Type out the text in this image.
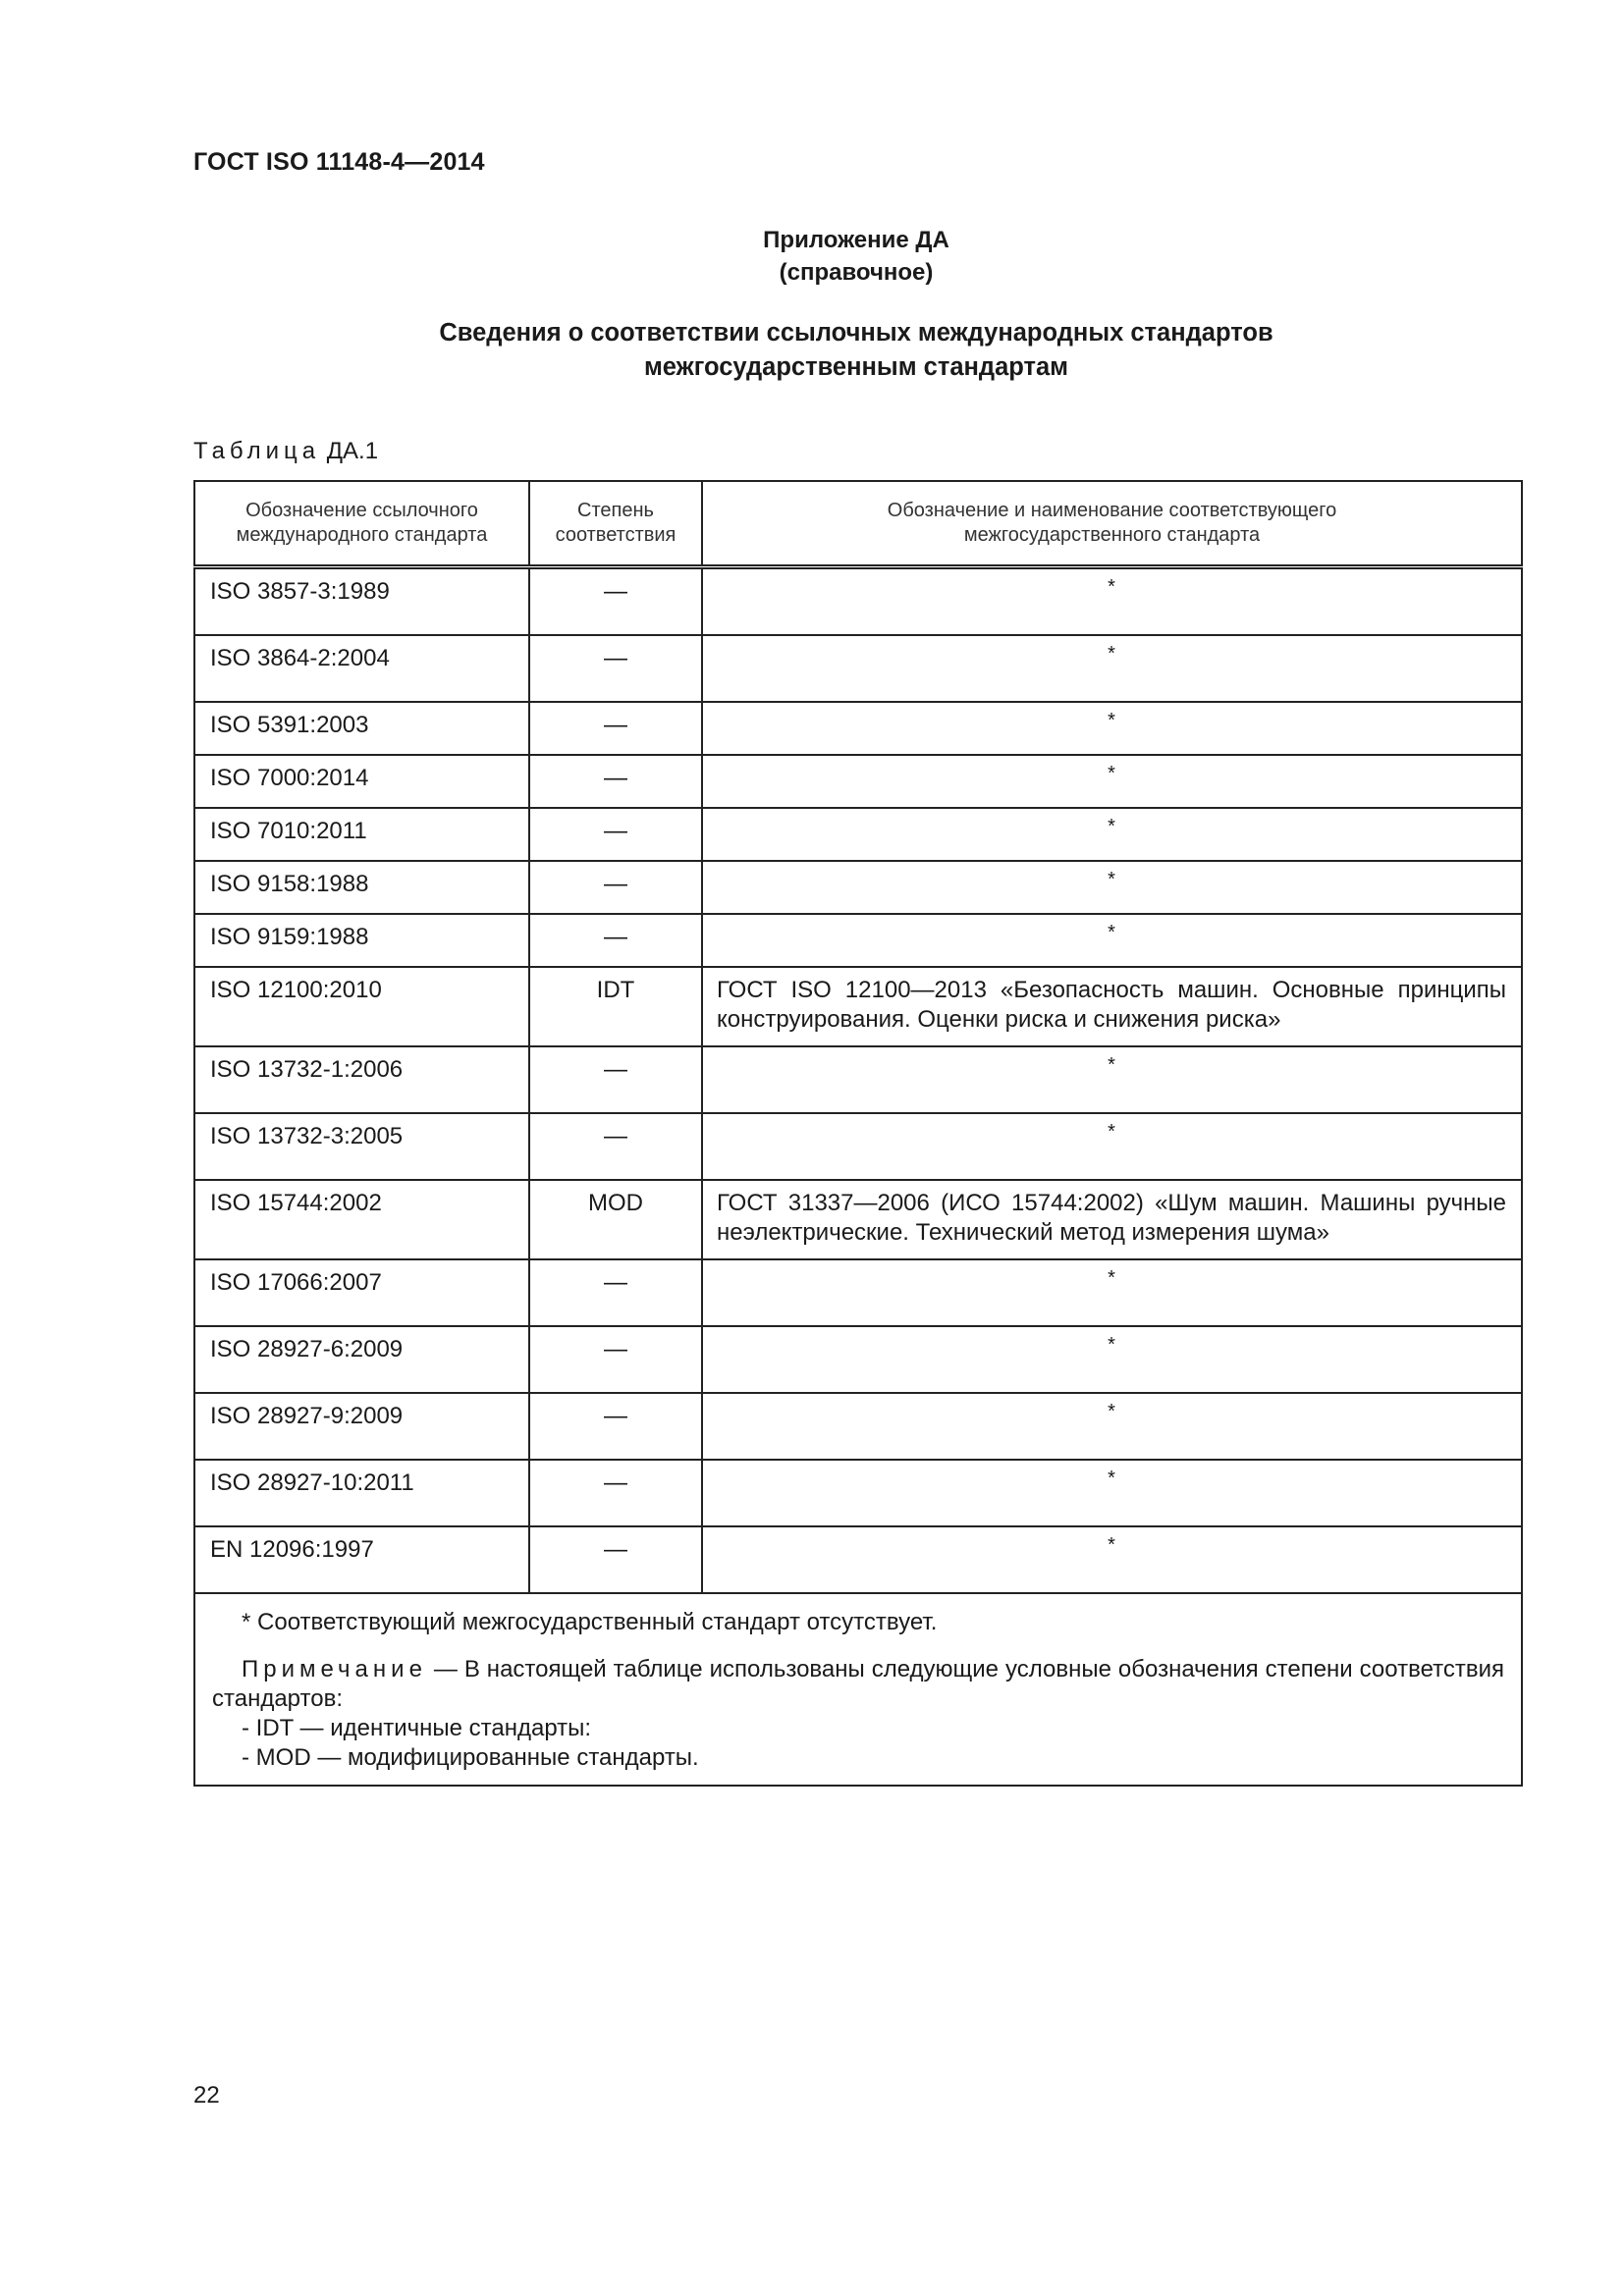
ГОСТ ISO 11148-4—2014
Приложение ДА
(справочное)
Сведения о соответствии ссылочных международных стандартов
межгосударственным стандартам
Таблица ДА.1
Обозначение ссылочного международного стандарта	Степень соответствия	Обозначение и наименование соответствующего межгосударственного стандарта

ISO 3857-3:1989	—	*
ISO 3864-2:2004	—	*
ISO 5391:2003	—	*
ISO 7000:2014	—	*
ISO 7010:2011	—	*
ISO 9158:1988	—	*
ISO 9159:1988	—	*
ISO 12100:2010	IDT	ГОСТ ISO 12100—2013 «Безопасность машин. Основные принципы конструирования. Оценки риска и снижения риска»
ISO 13732-1:2006	—	*
ISO 13732-3:2005	—	*
ISO 15744:2002	MOD	ГОСТ 31337—2006 (ИСО 15744:2002) «Шум машин. Машины ручные неэлектрические. Технический метод измерения шума»
ISO 17066:2007	—	*
ISO 28927-6:2009	—	*
ISO 28927-9:2009	—	*
ISO 28927-10:2011	—	*
EN 12096:1997	—	*

* Соответствующий межгосударственный стандарт отсутствует.

Примечание — В настоящей таблице использованы следующие условные обозначения степени соответствия стандартов:

- IDT — идентичные стандарты:

- MOD — модифицированные стандарты.		

22
